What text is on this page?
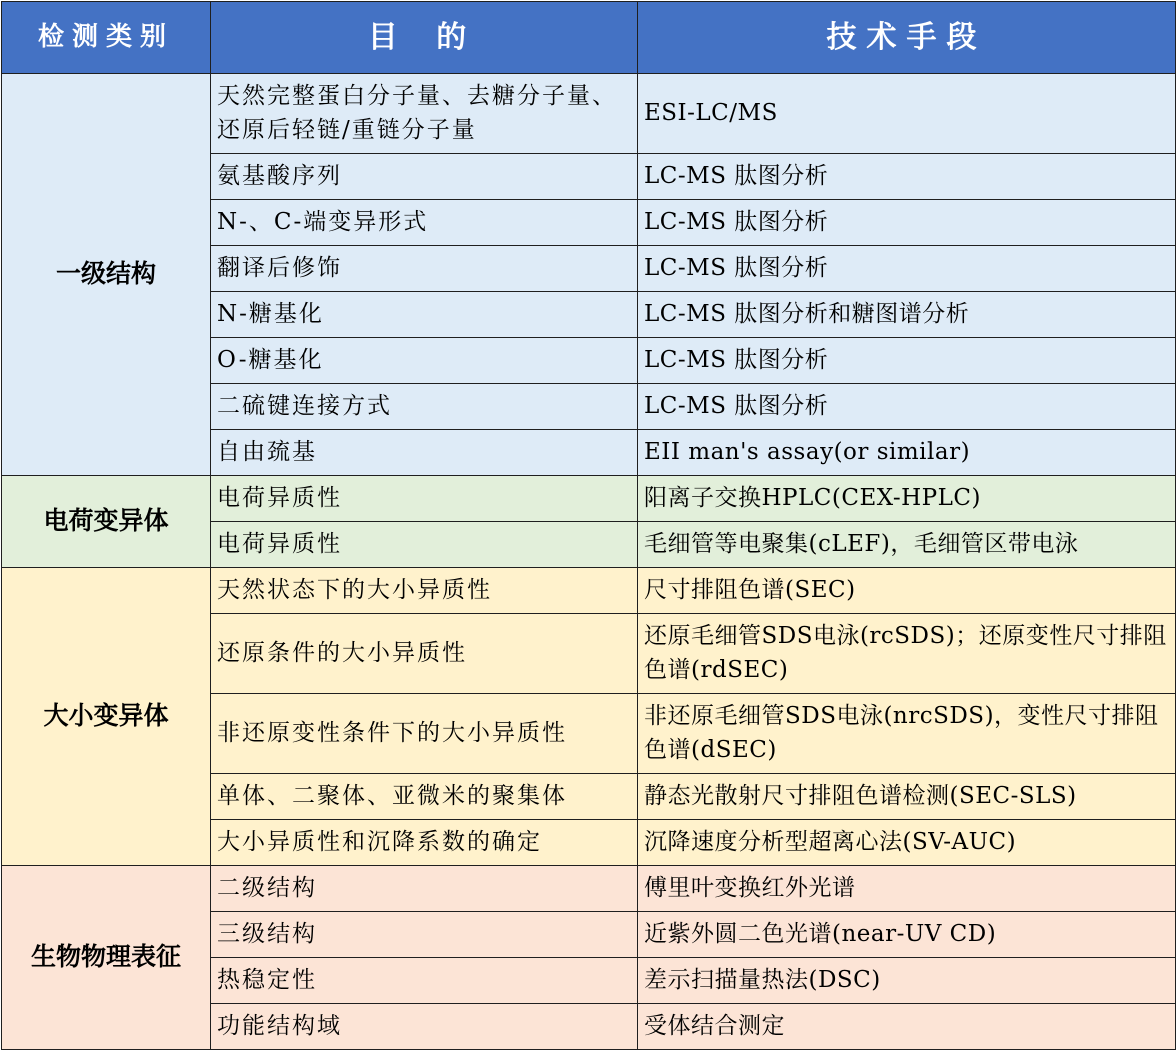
检测类别	目 的	技术手段
一级结构	天然完整蛋白分子量、去糖分子量、还原后轻链/重链分子量	ESI-LC/MS
	氨基酸序列	LC-MS 肽图分析
	N-、C-端变异形式	LC-MS 肽图分析
	翻译后修饰	LC-MS 肽图分析
	N-糖基化	LC-MS 肽图分析和糖图谱分析
	O-糖基化	LC-MS 肽图分析
	二硫键连接方式	LC-MS 肽图分析
	自由巯基	EII man's assay(or similar)
电荷变异体	电荷异质性	阳离子交换HPLC(CEX-HPLC)
	电荷异质性	毛细管等电聚集(cLEF)，毛细管区带电泳
大小变异体	天然状态下的大小异质性	尺寸排阻色谱(SEC)
	还原条件的大小异质性	还原毛细管SDS电泳(rcSDS)；还原变性尺寸排阻色谱(rdSEC)
	非还原变性条件下的大小异质性	非还原毛细管SDS电泳(nrcSDS)，变性尺寸排阻色谱(dSEC)
	单体、二聚体、亚微米的聚集体	静态光散射尺寸排阻色谱检测(SEC-SLS)
	大小异质性和沉降系数的确定	沉降速度分析型超离心法(SV-AUC)
生物物理表征	二级结构	傅里叶变换红外光谱
	三级结构	近紫外圆二色光谱(near-UV CD)
	热稳定性	差示扫描量热法(DSC)
	功能结构域	受体结合测定
